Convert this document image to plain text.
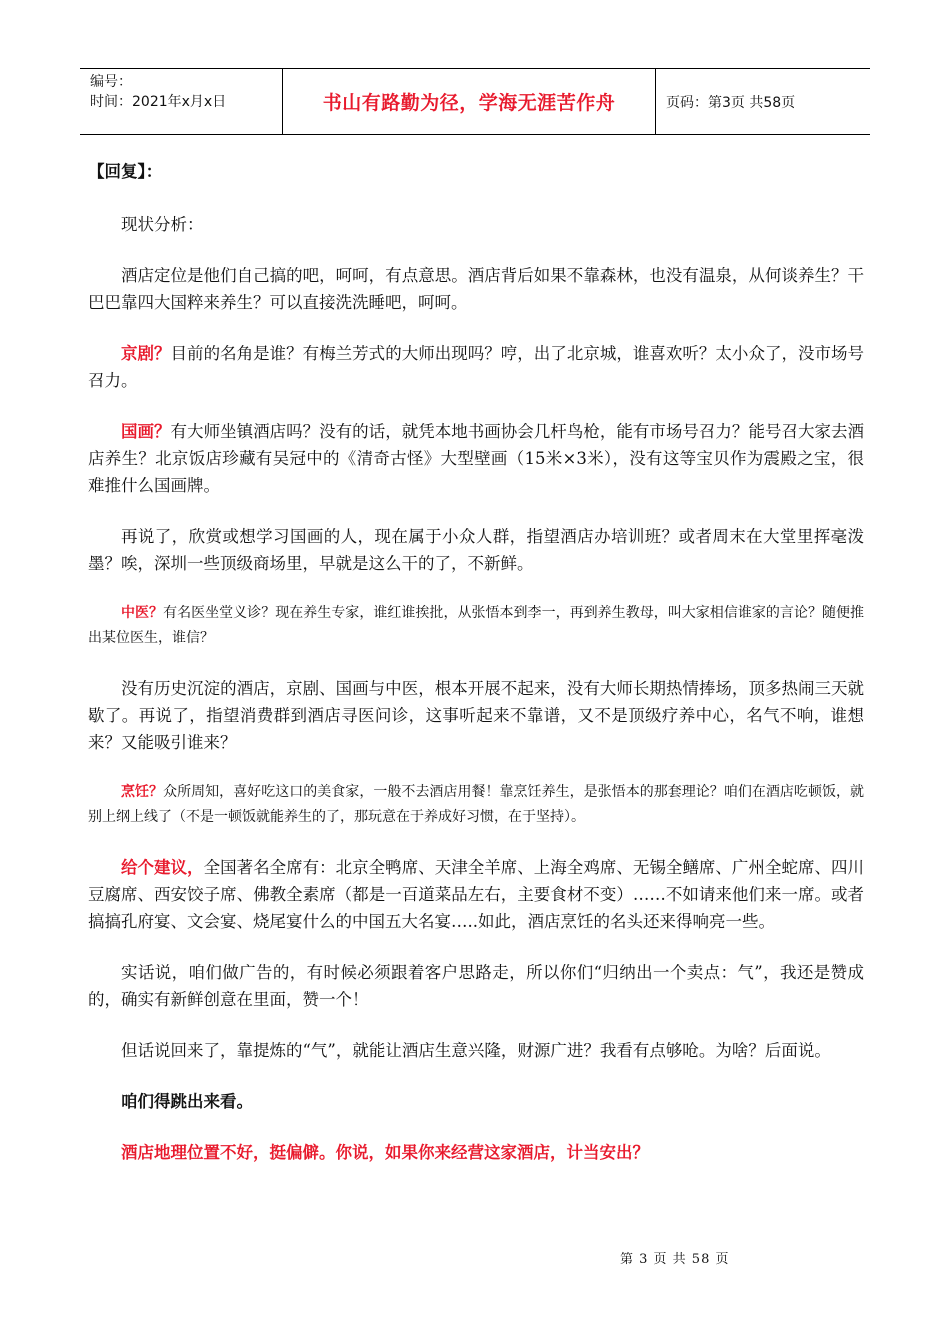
编号：
时间：2021年x月x日	书山有路勤为径，学海无涯苦作舟	页码：第3页 共58页

【回复】：

现状分析：

酒店定位是他们自己搞的吧，呵呵，有点意思。酒店背后如果不靠森林，也没有温泉，从何谈养生？干巴巴靠四大国粹来养生？可以直接洗洗睡吧，呵呵。

京剧？目前的名角是谁？有梅兰芳式的大师出现吗？哼，出了北京城，谁喜欢听？太小众了，没市场号召力。

国画？有大师坐镇酒店吗？没有的话，就凭本地书画协会几杆鸟枪，能有市场号召力？能号召大家去酒店养生？北京饭店珍藏有吴冠中的《清奇古怪》大型壁画（15米×3米），没有这等宝贝作为震殿之宝，很难推什么国画牌。

再说了，欣赏或想学习国画的人，现在属于小众人群，指望酒店办培训班？或者周末在大堂里挥毫泼墨？唉，深圳一些顶级商场里，早就是这么干的了，不新鲜。

中医？有名医坐堂义诊？现在养生专家，谁红谁挨批，从张悟本到李一，再到养生教母，叫大家相信谁家的言论？随便推出某位医生，谁信？

没有历史沉淀的酒店，京剧、国画与中医，根本开展不起来，没有大师长期热情捧场，顶多热闹三天就歇了。再说了，指望消费群到酒店寻医问诊，这事听起来不靠谱，又不是顶级疗养中心，名气不响，谁想来？又能吸引谁来？

烹饪？众所周知，喜好吃这口的美食家，一般不去酒店用餐！靠烹饪养生，是张悟本的那套理论？咱们在酒店吃顿饭，就别上纲上线了（不是一顿饭就能养生的了，那玩意在于养成好习惯，在于坚持）。

给个建议，全国著名全席有：北京全鸭席、天津全羊席、上海全鸡席、无锡全鳝席、广州全蛇席、四川豆腐席、西安饺子席、佛教全素席（都是一百道菜品左右，主要食材不变）……不如请来他们来一席。或者搞搞孔府宴、文会宴、烧尾宴什么的中国五大名宴…..如此，酒店烹饪的名头还来得响亮一些。

实话说，咱们做广告的，有时候必须跟着客户思路走，所以你们“归纳出一个卖点：气”，我还是赞成的，确实有新鲜创意在里面，赞一个！

但话说回来了，靠提炼的“气”，就能让酒店生意兴隆，财源广进？我看有点够呛。为啥？后面说。

咱们得跳出来看。

酒店地理位置不好，挺偏僻。你说，如果你来经营这家酒店，计当安出？

第 3 页 共 58 页
